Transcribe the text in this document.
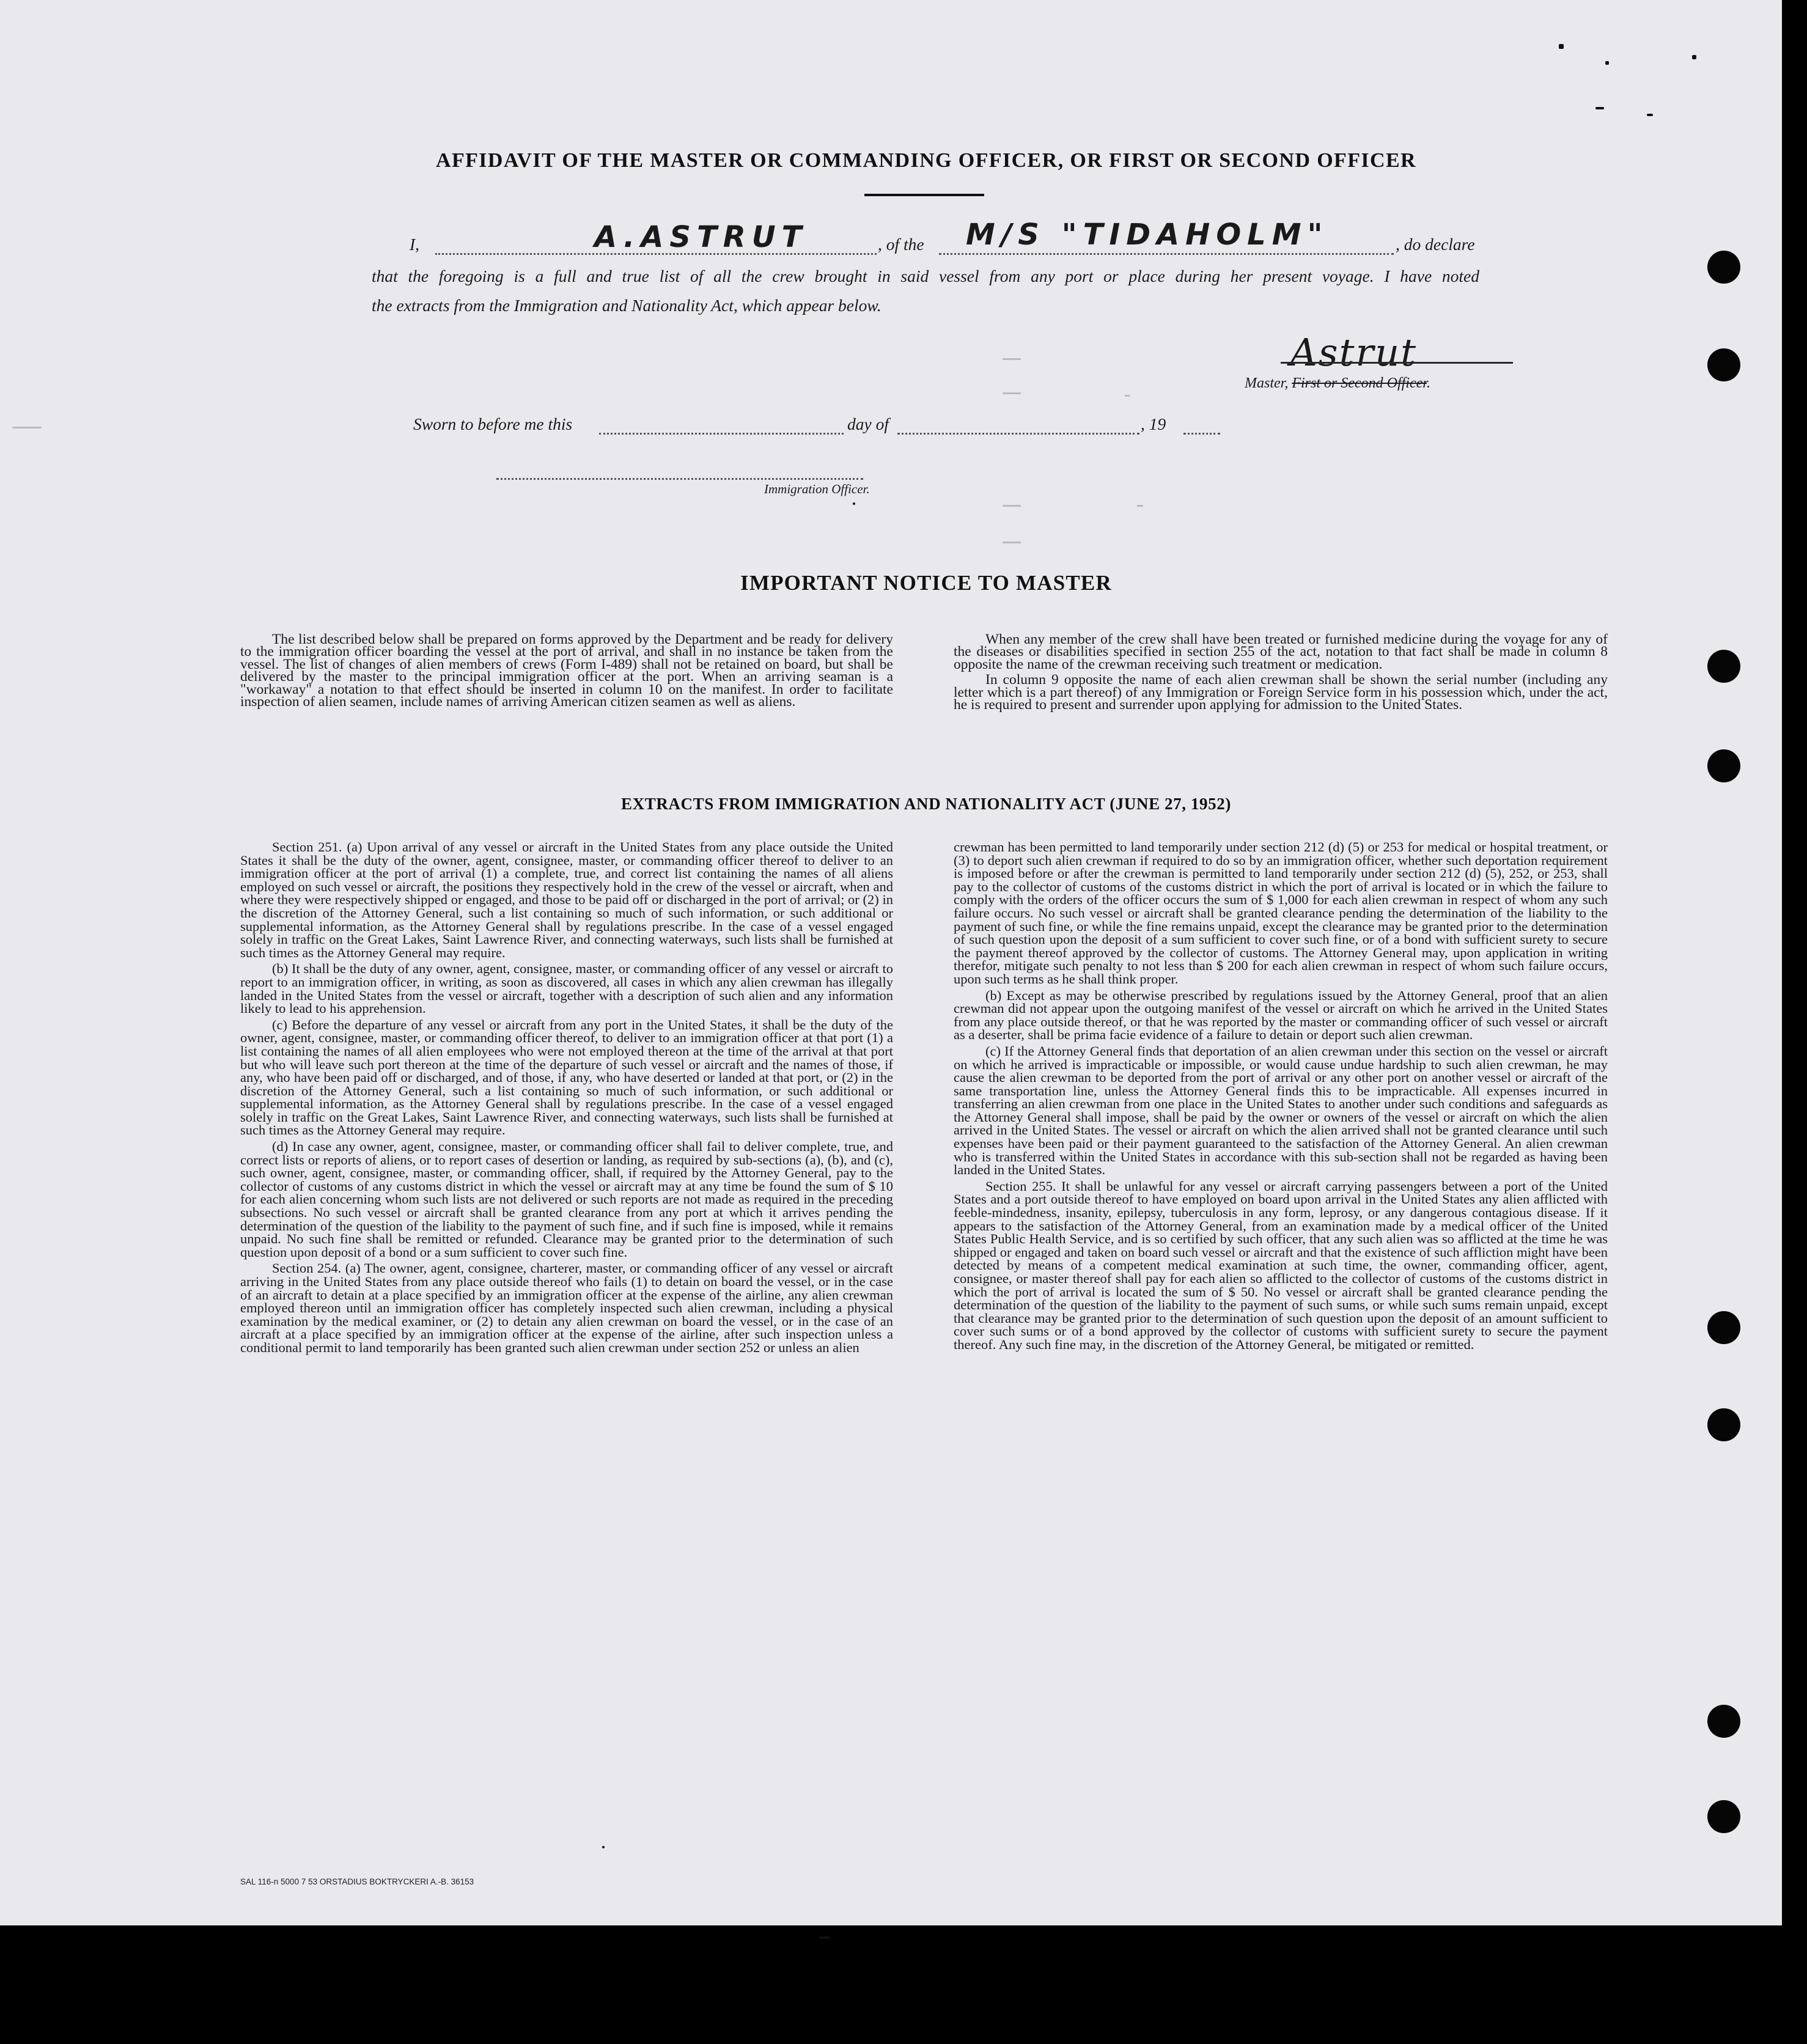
AFFIDAVIT OF THE MASTER OR COMMANDING OFFICER, OR FIRST OR SECOND OFFICER
I,	A.ASTRUT	, of the M/S "TIDAHOLM"	, do declare
that the foregoing is a full and true list of all the crew brought in said vessel from any port or place during her present voyage. I have noted
the extracts from the Immigration and Nationality Act, which appear below.
Astrut
Master, First or Second Officer.
Sworn to before me this	day of	, 19
Immigration Officer.
IMPORTANT NOTICE TO MASTER

The list described below shall be prepared on forms approved by the Department and be ready for delivery to the immigration officer boarding the vessel at the port of arrival, and shall in no instance be taken from the vessel. The list of changes of alien members of crews (Form I-489) shall not be retained on board, but shall be delivered by the master to the principal immigration officer at the port. When an arriving seaman is a "workaway" a notation to that effect should be inserted in column 10 on the manifest. In order to facilitate inspection of alien seamen, include names of arriving American citizen seamen as well as aliens.

When any member of the crew shall have been treated or furnished medicine during the voyage for any of the diseases or disabilities specified in section 255 of the act, notation to that fact shall be made in column 8 opposite the name of the crewman receiving such treatment or medication.

In column 9 opposite the name of each alien crewman shall be shown the serial number (including any letter which is a part thereof) of any Immigration or Foreign Service form in his possession which, under the act, he is required to present and surrender upon applying for admission to the United States.

EXTRACTS FROM IMMIGRATION AND NATIONALITY ACT (JUNE 27, 1952)

Section 251. (a) Upon arrival of any vessel or aircraft in the United States from any place outside the United States it shall be the duty of the owner, agent, consignee, master, or commanding officer thereof to deliver to an immigration officer at the port of arrival (1) a complete, true, and correct list containing the names of all aliens employed on such vessel or aircraft, the positions they respectively hold in the crew of the vessel or aircraft, when and where they were respectively shipped or engaged, and those to be paid off or discharged in the port of arrival; or (2) in the discretion of the Attorney General, such a list containing so much of such information, or such additional or supplemental information, as the Attorney General shall by regulations prescribe. In the case of a vessel engaged solely in traffic on the Great Lakes, Saint Lawrence River, and connecting waterways, such lists shall be furnished at such times as the Attorney General may require.

(b) It shall be the duty of any owner, agent, consignee, master, or commanding officer of any vessel or aircraft to report to an immigration officer, in writing, as soon as discovered, all cases in which any alien crewman has illegally landed in the United States from the vessel or aircraft, together with a description of such alien and any information likely to lead to his apprehension.

(c) Before the departure of any vessel or aircraft from any port in the United States, it shall be the duty of the owner, agent, consignee, master, or commanding officer thereof, to deliver to an immigration officer at that port (1) a list containing the names of all alien employees who were not employed thereon at the time of the arrival at that port but who will leave such port thereon at the time of the departure of such vessel or aircraft and the names of those, if any, who have been paid off or discharged, and of those, if any, who have deserted or landed at that port, or (2) in the discretion of the Attorney General, such a list containing so much of such information, or such additional or supplemental information, as the Attorney General shall by regulations prescribe. In the case of a vessel engaged solely in traffic on the Great Lakes, Saint Lawrence River, and connecting waterways, such lists shall be furnished at such times as the Attorney General may require.

(d) In case any owner, agent, consignee, master, or commanding officer shall fail to deliver complete, true, and correct lists or reports of aliens, or to report cases of desertion or landing, as required by sub-sections (a), (b), and (c), such owner, agent, consignee, master, or commanding officer, shall, if required by the Attorney General, pay to the collector of customs of any customs district in which the vessel or aircraft may at any time be found the sum of $ 10 for each alien concerning whom such lists are not delivered or such reports are not made as required in the preceding subsections. No such vessel or aircraft shall be granted clearance from any port at which it arrives pending the determination of the question of the liability to the payment of such fine, and if such fine is imposed, while it remains unpaid. No such fine shall be remitted or refunded. Clearance may be granted prior to the determination of such question upon deposit of a bond or a sum sufficient to cover such fine.

Section 254. (a) The owner, agent, consignee, charterer, master, or commanding officer of any vessel or aircraft arriving in the United States from any place outside thereof who fails (1) to detain on board the vessel, or in the case of an aircraft to detain at a place specified by an immigration officer at the expense of the airline, any alien crewman employed thereon until an immigration officer has completely inspected such alien crewman, including a physical examination by the medical examiner, or (2) to detain any alien crewman on board the vessel, or in the case of an aircraft at a place specified by an immigration officer at the expense of the airline, after such inspection unless a conditional permit to land temporarily has been granted such alien crewman under section 252 or unless an alien

crewman has been permitted to land temporarily under section 212 (d) (5) or 253 for medical or hospital treatment, or (3) to deport such alien crewman if required to do so by an immigration officer, whether such deportation requirement is imposed before or after the crewman is permitted to land temporarily under section 212 (d) (5), 252, or 253, shall pay to the collector of customs of the customs district in which the port of arrival is located or in which the failure to comply with the orders of the officer occurs the sum of $ 1,000 for each alien crewman in respect of whom any such failure occurs. No such vessel or aircraft shall be granted clearance pending the determination of the liability to the payment of such fine, or while the fine remains unpaid, except the clearance may be granted prior to the determination of such question upon the deposit of a sum sufficient to cover such fine, or of a bond with sufficient surety to secure the payment thereof approved by the collector of customs. The Attorney General may, upon application in writing therefor, mitigate such penalty to not less than $ 200 for each alien crewman in respect of whom such failure occurs, upon such terms as he shall think proper.

(b) Except as may be otherwise prescribed by regulations issued by the Attorney General, proof that an alien crewman did not appear upon the outgoing manifest of the vessel or aircraft on which he arrived in the United States from any place outside thereof, or that he was reported by the master or commanding officer of such vessel or aircraft as a deserter, shall be prima facie evidence of a failure to detain or deport such alien crewman.

(c) If the Attorney General finds that deportation of an alien crewman under this section on the vessel or aircraft on which he arrived is impracticable or impossible, or would cause undue hardship to such alien crewman, he may cause the alien crewman to be deported from the port of arrival or any other port on another vessel or aircraft of the same transportation line, unless the Attorney General finds this to be impracticable. All expenses incurred in transferring an alien crewman from one place in the United States to another under such conditions and safeguards as the Attorney General shall impose, shall be paid by the owner or owners of the vessel or aircraft on which the alien arrived in the United States. The vessel or aircraft on which the alien arrived shall not be granted clearance until such expenses have been paid or their payment guaranteed to the satisfaction of the Attorney General. An alien crewman who is transferred within the United States in accordance with this sub-section shall not be regarded as having been landed in the United States.

Section 255. It shall be unlawful for any vessel or aircraft carrying passengers between a port of the United States and a port outside thereof to have employed on board upon arrival in the United States any alien afflicted with feeble-mindedness, insanity, epilepsy, tuberculosis in any form, leprosy, or any dangerous contagious disease. If it appears to the satisfaction of the Attorney General, from an examination made by a medical officer of the United States Public Health Service, and is so certified by such officer, that any such alien was so afflicted at the time he was shipped or engaged and taken on board such vessel or aircraft and that the existence of such affliction might have been detected by means of a competent medical examination at such time, the owner, commanding officer, agent, consignee, or master thereof shall pay for each alien so afflicted to the collector of customs of the customs district in which the port of arrival is located the sum of $ 50. No vessel or aircraft shall be granted clearance pending the determination of the question of the liability to the payment of such sums, or while such sums remain unpaid, except that clearance may be granted prior to the determination of such question upon the deposit of an amount sufficient to cover such sums or of a bond approved by the collector of customs with sufficient surety to secure the payment thereof. Any such fine may, in the discretion of the Attorney General, be mitigated or remitted.

SAL 116-n 5000 7 53 ORSTADIUS BOKTRYCKERI A.-B. 36153
